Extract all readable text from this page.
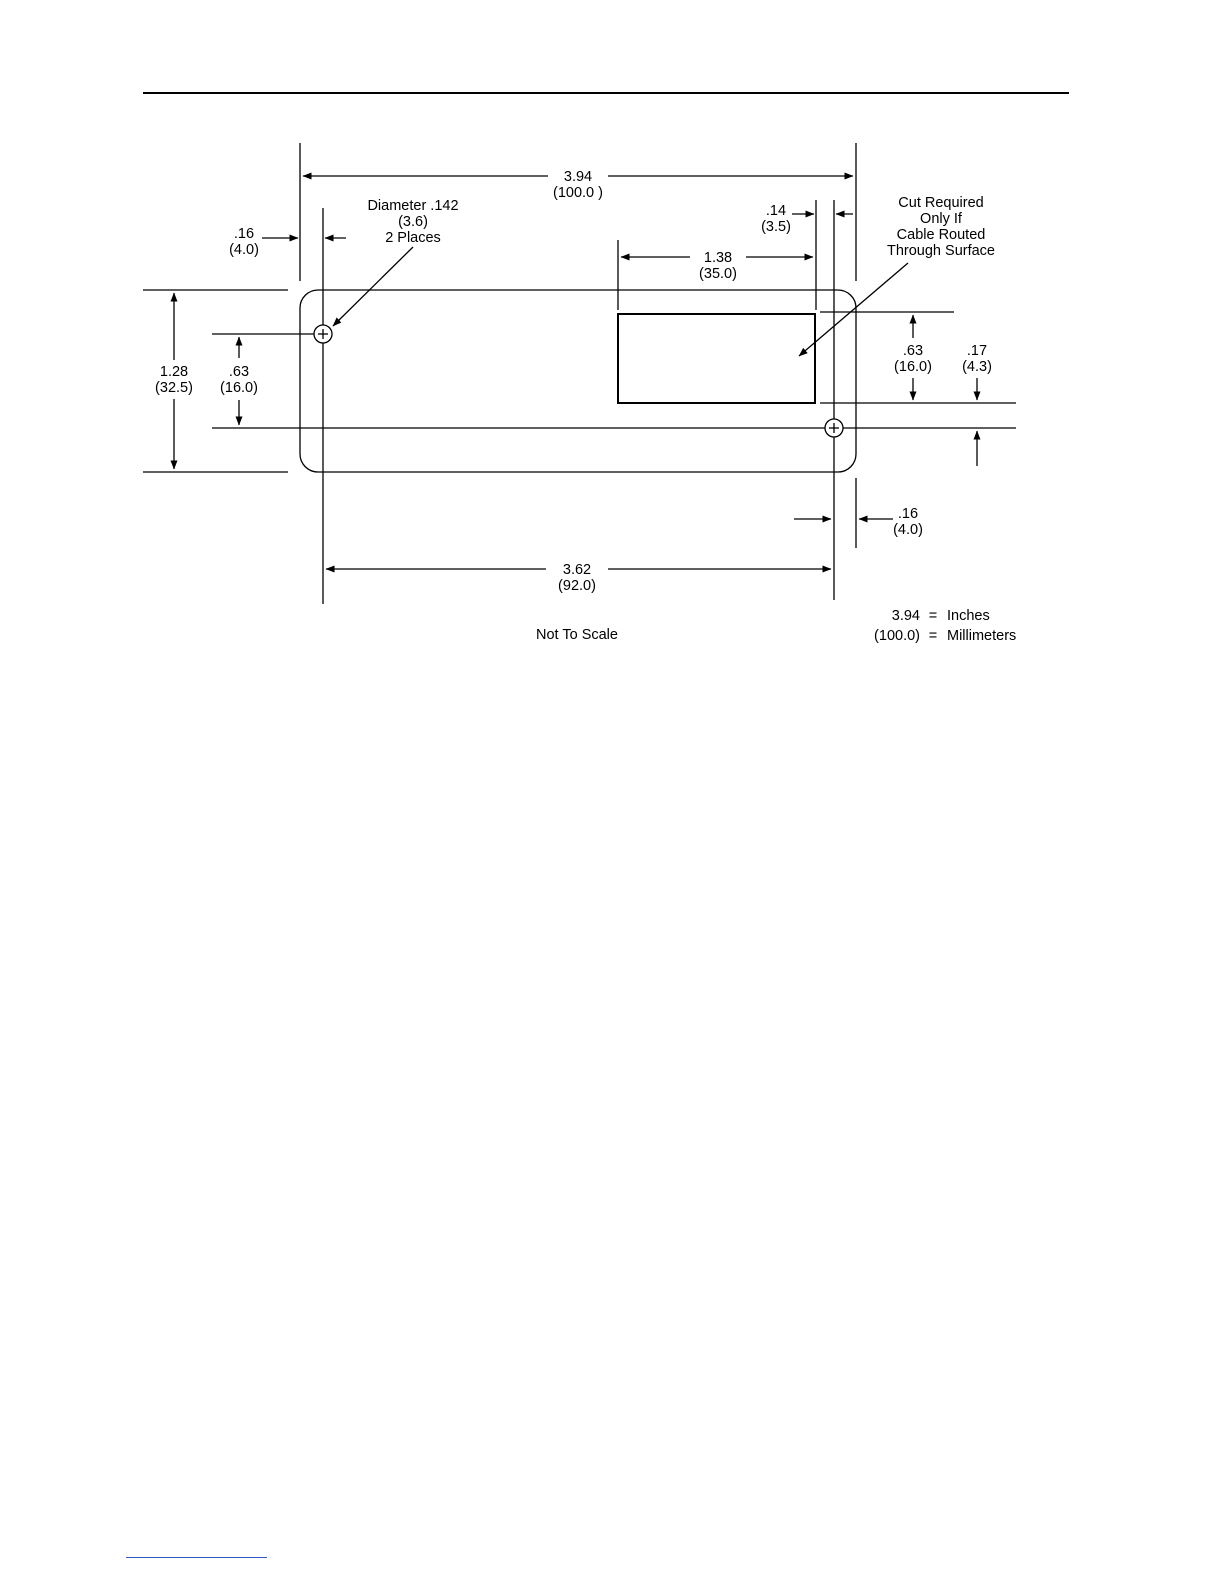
3.94
(100.0 )
Diameter .142
(3.6)
2 Places
.16
(4.0)
.14
(3.5)
1.38
(35.0)
Cut Required
Only If
Cable Routed
Through Surface
1.28
(32.5)
.63
(16.0)
.63
(16.0)
.17
(4.3)
.16
(4.0)
3.62
(92.0)
Not To Scale
3.94 = Inches
(100.0) = Millimeters
